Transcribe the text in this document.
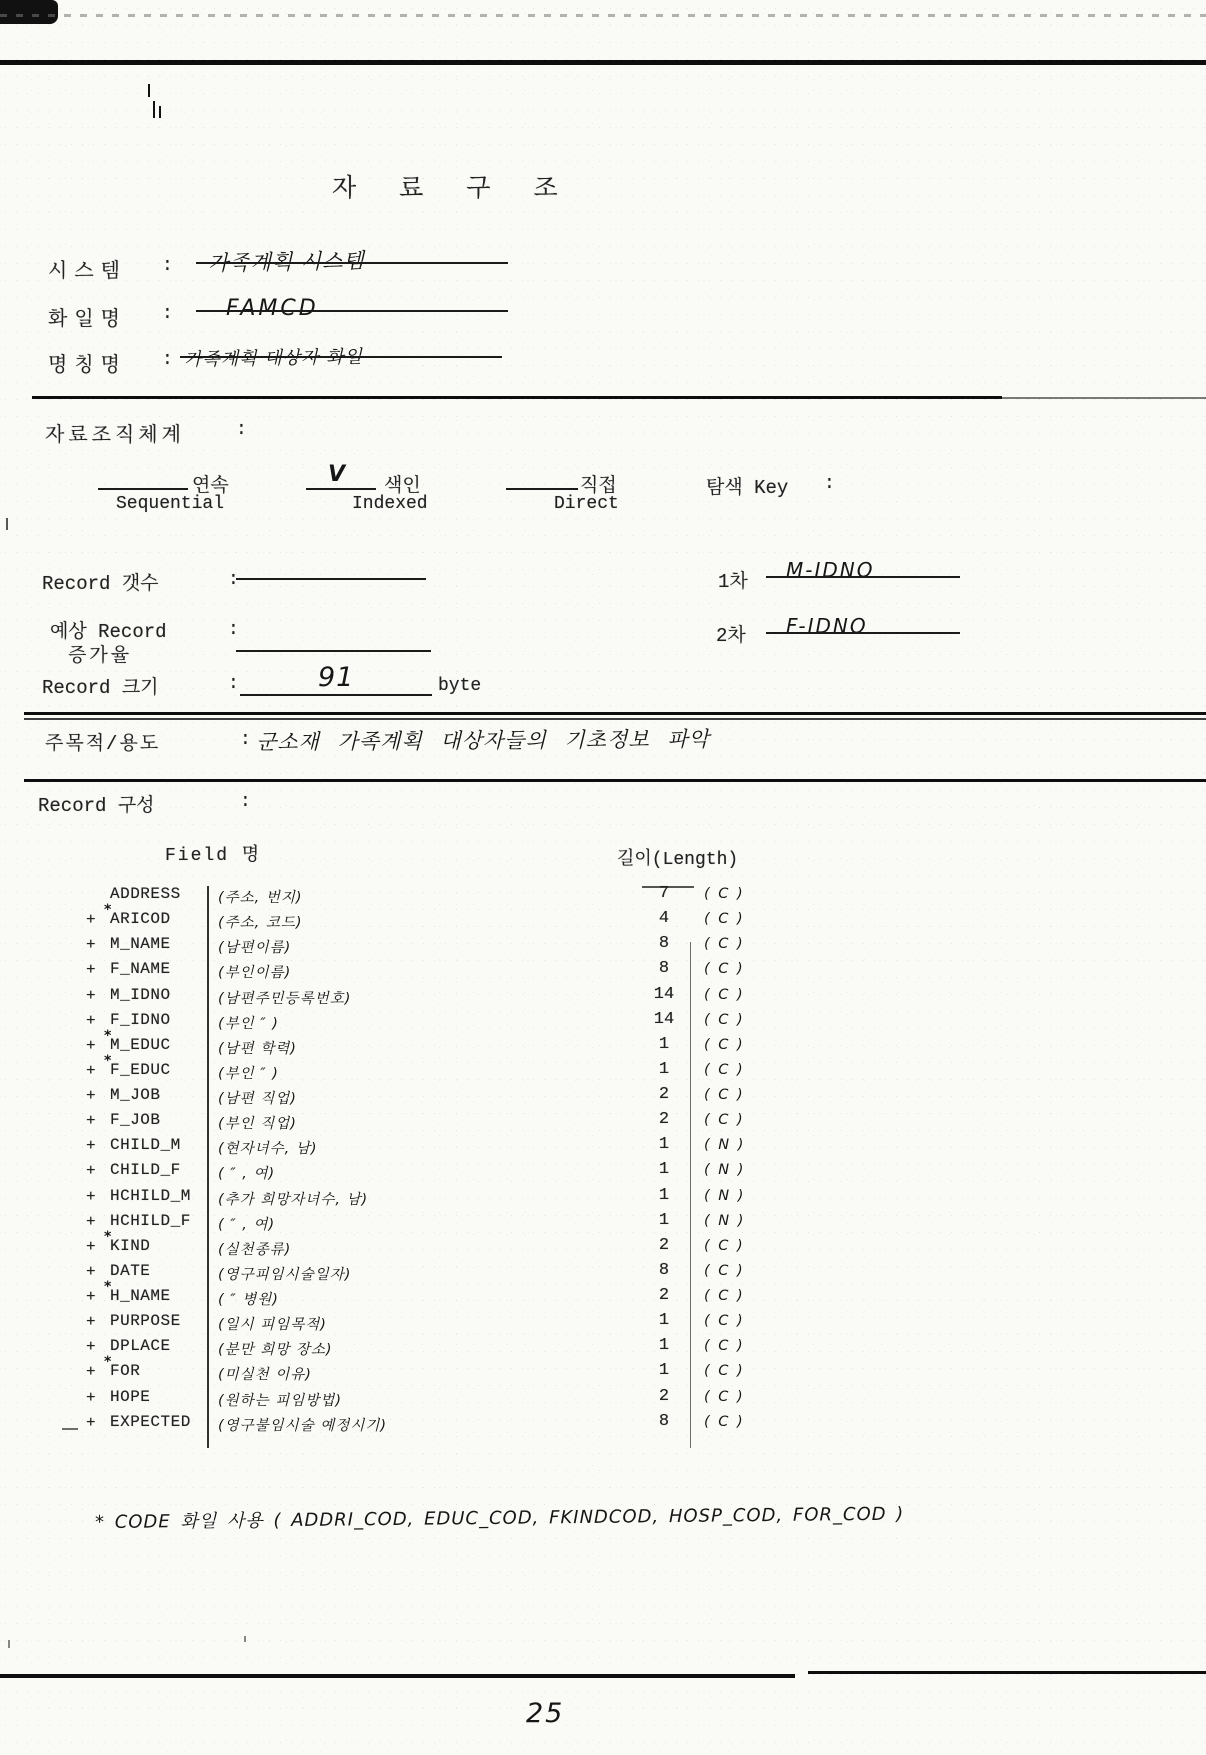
자 료 구 조
시스템 : 가족계획 시스템
화일명 : FAMCD
명칭명 : 가족계획 대상자 화일
자료조직체계	:
연속
Sequential
V 색인
Indexed
직접
Direct
탐색 Key :
Record 갯수	:	1차 M-IDNO
예상 Record
증가율
:	2차 F-IDNO
Record 크기	:	91	byte
주목적/용도	: 군소재 가족계획 대상자들의 기초정보 파악
Record 구성	:
Field 명	길이(Length)
ADDRESS	(주소, 번지)	7	( C )
+
*
ARICOD	(주소, 코드)	4	( C )
+ M_NAME	(남편이름)	8	( C )
+ F_NAME	(부인이름)	8	( C )
+ M_IDNO	(남편주민등록번호)	14	( C )
+ F_IDNO	(부인 ″ )	14	( C )
+
*
M_EDUC	(남편 학력)	1	( C )
+
*
F_EDUC	(부인 ″ )	1	( C )
+ M_JOB	(남편 직업)	2	( C )
+ F_JOB	(부인 직업)	2	( C )
+ CHILD_M	(현자녀수, 남)	1	( N )
+ CHILD_F	( ″ , 여)	1	( N )
+ HCHILD_M (추가 희망자녀수, 남)	1	( N )
+ HCHILD_F ( ″ , 여)	1	( N )
+
*
KIND	(실천종류)	2	( C )
+ DATE	(영구피임시술일자)	8	( C )
+
*
H_NAME	( ″ 병원)	2	( C )
+ PURPOSE	(일시 피임목적)	1	( C )
+ DPLACE	(분만 희망 장소)	1	( C )
+
*
FOR	(미실천 이유)	1	( C )
+ HOPE	(원하는 피임방법)	2	( C )
+ EXPECTED (영구불임시술 예정시기)	8	( C )
* CODE 화일 사용 ( ADDRI_COD, EDUC_COD, FKINDCOD, HOSP_COD, FOR_COD )
25
